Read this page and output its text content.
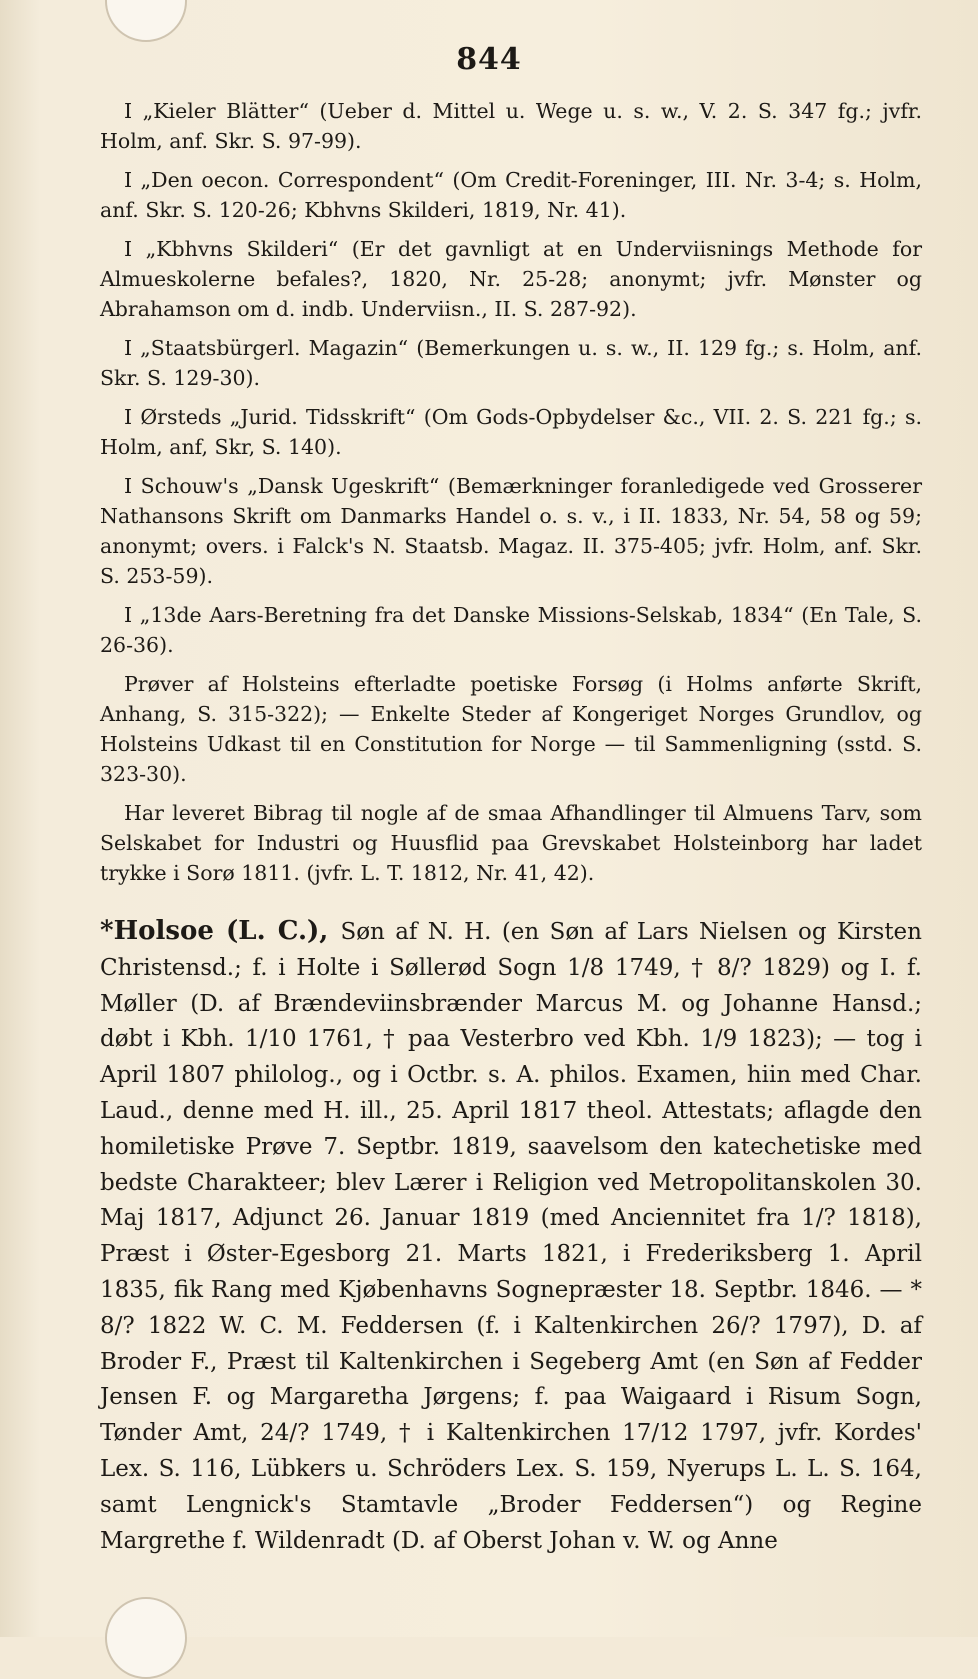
844

I „Kieler Blätter“ (Ueber d. Mittel u. Wege u. s. w., V. 2. S. 347 fg.; jvfr. Holm, anf. Skr. S. 97-99).

I „Den oecon. Correspondent“ (Om Credit-Foreninger, III. Nr. 3-4; s. Holm, anf. Skr. S. 120-26; Kbhvns Skilderi, 1819, Nr. 41).

I „Kbhvns Skilderi“ (Er det gavnligt at en Underviisnings Methode for Almueskolerne befales?, 1820, Nr. 25-28; anonymt; jvfr. Mønster og Abrahamson om d. indb. Underviisn., II. S. 287-92).

I „Staatsbürgerl. Magazin“ (Bemerkungen u. s. w., II. 129 fg.; s. Holm, anf. Skr. S. 129-30).

I Ørsteds „Jurid. Tidsskrift“ (Om Gods-Opbydelser &c., VII. 2. S. 221 fg.; s. Holm, anf, Skr, S. 140).

I Schouw's „Dansk Ugeskrift“ (Bemærkninger foranledigede ved Grosserer Nathansons Skrift om Danmarks Handel o. s. v., i II. 1833, Nr. 54, 58 og 59; anonymt; overs. i Falck's N. Staatsb. Magaz. II. 375-405; jvfr. Holm, anf. Skr. S. 253-59).

I „13de Aars-Beretning fra det Danske Missions-Selskab, 1834“ (En Tale, S. 26-36).

Prøver af Holsteins efterladte poetiske Forsøg (i Holms anførte Skrift, Anhang, S. 315-322); — Enkelte Steder af Kongeriget Norges Grundlov, og Holsteins Udkast til en Constitution for Norge — til Sammenligning (sstd. S. 323-30).

Har leveret Bibrag til nogle af de smaa Afhandlinger til Almuens Tarv, som Selskabet for Industri og Huusflid paa Grevskabet Holsteinborg har ladet trykke i Sorø 1811. (jvfr. L. T. 1812, Nr. 41, 42).

*Holsoe (L. C.), Søn af N. H. (en Søn af Lars Nielsen og Kirsten Christensd.; f. i Holte i Søllerød Sogn 1/8 1749, † 8/? 1829) og I. f. Møller (D. af Brændeviinsbrænder Marcus M. og Johanne Hansd.; døbt i Kbh. 1/10 1761, † paa Vesterbro ved Kbh. 1/9 1823); — tog i April 1807 philolog., og i Octbr. s. A. philos. Examen, hiin med Char. Laud., denne med H. ill., 25. April 1817 theol. Attestats; aflagde den homiletiske Prøve 7. Septbr. 1819, saavelsom den katechetiske med bedste Charakteer; blev Lærer i Religion ved Metropolitanskolen 30. Maj 1817, Adjunct 26. Januar 1819 (med Anciennitet fra 1/? 1818), Præst i Øster-Egesborg 21. Marts 1821, i Frederiksberg 1. April 1835, fik Rang med Kjøbenhavns Sognepræster 18. Septbr. 1846. — * 8/? 1822 W. C. M. Feddersen (f. i Kaltenkirchen 26/? 1797), D. af Broder F., Præst til Kaltenkirchen i Segeberg Amt (en Søn af Fedder Jensen F. og Margaretha Jørgens; f. paa Waigaard i Risum Sogn, Tønder Amt, 24/? 1749, † i Kaltenkirchen 17/12 1797, jvfr. Kordes' Lex. S. 116, Lübkers u. Schröders Lex. S. 159, Nyerups L. L. S. 164, samt Lengnick's Stamtavle „Broder Feddersen“) og Regine Margrethe f. Wildenradt (D. af Oberst Johan v. W. og Anne
